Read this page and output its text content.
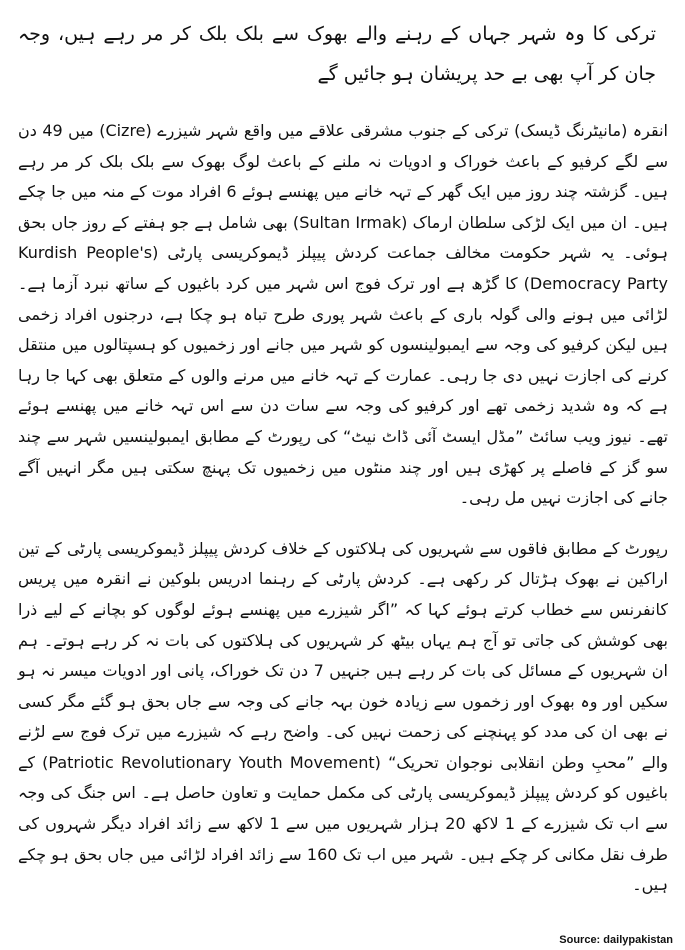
ترکی کا وہ شہر جہاں کے رہنے والے بھوک سے بلک بلک کر مر رہے ہیں، وجہ جان کر آپ بھی بے حد پریشان ہو جائیں گے

انقرہ (مانیٹرنگ ڈیسک) ترکی کے جنوب مشرقی علاقے میں واقع شہر شیزرے (Cizre) میں 49 دن سے لگے کرفیو کے باعث خوراک و ادویات نہ ملنے کے باعث لوگ بھوک سے بلک بلک کر مر رہے ہیں۔ گزشتہ چند روز میں ایک گھر کے تہہ خانے میں پھنسے ہوئے 6 افراد موت کے منہ میں جا چکے ہیں۔ ان میں ایک لڑکی سلطان ارماک (Sultan Irmak) بھی شامل ہے جو ہفتے کے روز جاں بحق ہوئی۔ یہ شہر حکومت مخالف جماعت کردش پیپلز ڈیموکریسی پارٹی (Kurdish People's Democracy Party) کا گڑھ ہے اور ترک فوج اس شہر میں کرد باغیوں کے ساتھ نبرد آزما ہے۔ لڑائی میں ہونے والی گولہ باری کے باعث شہر پوری طرح تباہ ہو چکا ہے، درجنوں افراد زخمی ہیں لیکن کرفیو کی وجہ سے ایمبولینسوں کو شہر میں جانے اور زخمیوں کو ہسپتالوں میں منتقل کرنے کی اجازت نہیں دی جا رہی۔ عمارت کے تہہ خانے میں مرنے والوں کے متعلق بھی کہا جا رہا ہے کہ وہ شدید زخمی تھے اور کرفیو کی وجہ سے سات دن سے اس تہہ خانے میں پھنسے ہوئے تھے۔ نیوز ویب سائٹ ”مڈل ایسٹ آئی ڈاٹ نیٹ“ کی رپورٹ کے مطابق ایمبولینسیں شہر سے چند سو گز کے فاصلے پر کھڑی ہیں اور چند منٹوں میں زخمیوں تک پہنچ سکتی ہیں مگر انہیں آگے جانے کی اجازت نہیں مل رہی۔

رپورٹ کے مطابق فاقوں سے شہریوں کی ہلاکتوں کے خلاف کردش پیپلز ڈیموکریسی پارٹی کے تین اراکین نے بھوک ہڑتال کر رکھی ہے۔ کردش پارٹی کے رہنما ادریس بلوکین نے انقرہ میں پریس کانفرنس سے خطاب کرتے ہوئے کہا کہ ”اگر شیزرے میں پھنسے ہوئے لوگوں کو بچانے کے لیے ذرا بھی کوشش کی جاتی تو آج ہم یہاں بیٹھ کر شہریوں کی ہلاکتوں کی بات نہ کر رہے ہوتے۔ ہم ان شہریوں کے مسائل کی بات کر رہے ہیں جنہیں 7 دن تک خوراک، پانی اور ادویات میسر نہ ہو سکیں اور وہ بھوک اور زخموں سے زیادہ خون بہہ جانے کی وجہ سے جاں بحق ہو گئے مگر کسی نے بھی ان کی مدد کو پہنچنے کی زحمت نہیں کی۔ واضح رہے کہ شیزرے میں ترک فوج سے لڑنے والے ”محبِ وطن انقلابی نوجوان تحریک“ (Patriotic Revolutionary Youth Movement) کے باغیوں کو کردش پیپلز ڈیموکریسی پارٹی کی مکمل حمایت و تعاون حاصل ہے۔ اس جنگ کی وجہ سے اب تک شیزرے کے 1 لاکھ 20 ہزار شہریوں میں سے 1 لاکھ سے زائد افراد دیگر شہروں کی طرف نقل مکانی کر چکے ہیں۔ شہر میں اب تک 160 سے زائد افراد لڑائی میں جاں بحق ہو چکے ہیں۔

Source: dailypakistan
